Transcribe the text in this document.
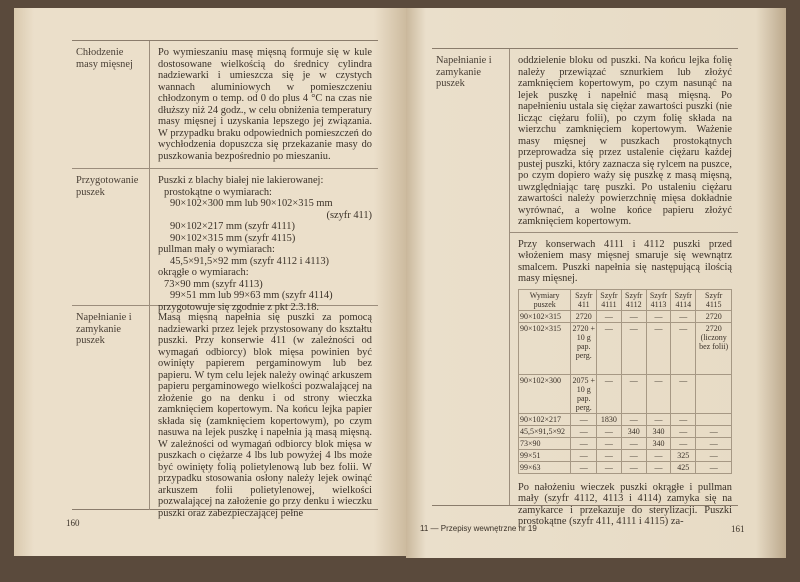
Chłodzenie masy mięsnej
Po wymieszaniu masę mięsną formuje się w kule dostosowane wielkością do średnicy cylindra nadziewarki i umieszcza się je w czystych wannach aluminiowych w pomieszczeniu chłodzonym o temp. od 0 do plus 4 °C na czas nie dłuższy niż 24 godz., w celu obniżenia temperatury masy mięsnej i uzyskania lepszego jej związania. W przypadku braku odpowiednich pomieszczeń do wychłodzenia dopuszcza się przekazanie masy do puszkowania bezpośrednio po mieszaniu.
Przygotowanie puszek
Puszki z blachy białej nie lakierowanej:
prostokątne o wymiarach:
90×102×300 mm lub 90×102×315 mm
(szyfr 411)
90×102×217 mm (szyfr 4111)
90×102×315 mm (szyfr 4115)
pullman mały o wymiarach:
45,5×91,5×92 mm (szyfr 4112 i 4113)
okrągłe o wymiarach:
73×90 mm (szyfr 4113)
99×51 mm lub 99×63 mm (szyfr 4114)
przygotowuje się zgodnie z pkt 2.3.18.
Napełnianie i zamykanie puszek
Masą mięsną napełnia się puszki za pomocą nadziewarki przez lejek przystosowany do kształtu puszki. Przy konserwie 411 (w zależności od wymagań odbiorcy) blok mięsa powinien być owinięty papierem pergaminowym lub bez papieru. W tym celu lejek należy owinąć arkuszem papieru pergaminowego wielkości pozwalającej na złożenie go na denku i od strony wieczka zamknięciem kopertowym. Na końcu lejka papier składa się (zamknięciem kopertowym), po czym nasuwa na lejek puszkę i napełnia ją masą mięsną. W zależności od wymagań odbiorcy blok mięsa w puszkach o ciężarze 4 lbs lub powyżej 4 lbs może być owinięty folią polietylenową lub bez folii. W przypadku stosowania osłony należy lejek owinąć arkuszem folii polietylenowej, wielkości pozwalającej na założenie go przy denku i wieczku puszki oraz zabezpieczającej pełne
160
Napełnianie i zamykanie puszek
oddzielenie bloku od puszki. Na końcu lejka folię należy przewiązać sznurkiem lub złożyć zamknięciem kopertowym, po czym nasunąć na lejek puszkę i napełnić masą mięsną. Po napełnieniu ustala się ciężar zawartości puszki (nie licząc ciężaru folii), po czym folię składa na wierzchu zamknięciem kopertowym. Ważenie masy mięsnej w puszkach prostokątnych przeprowadza się przez ustalenie ciężaru każdej pustej puszki, który zaznacza się rylcem na puszce, po czym dopiero waży się puszkę z masą mięsną, uwzględniając tarę puszki. Po ustaleniu ciężaru zawartości należy powierzchnię mięsa dokładnie wyrównać, a wolne końce papieru złożyć zamknięciem kopertowym.
Przy konserwach 4111 i 4112 puszki przed włożeniem masy mięsnej smaruje się wewnątrz smalcem. Puszki napełnia się następującą ilością masy mięsnej.
Wymiary puszek	Szyfr 411	Szyfr 4111	Szyfr 4112	Szyfr 4113	Szyfr 4114	Szyfr 4115
90×102×315	2720	—	—	—	—	2720
90×102×315	2720 + 10 g pap. perg.	—	—	—	—	2720 (liczony bez folii)
90×102×300	2075 + 10 g pap. perg.	—	—	—	—	
90×102×217	—	1830	—	—	—	
45,5×91,5×92	—	—	340	340	—	—
73×90	—	—	—	340	—	—
99×51	—	—	—	—	325	—
99×63	—	—	—	—	425	—
Po nałożeniu wieczek puszki okrągłe i pullman mały (szyfr 4112, 4113 i 4114) zamyka się na zamykarce i przekazuje do sterylizacji. Puszki prostokątne (szyfr 411, 4111 i 4115) za-
11 — Przepisy wewnętrzne nr 19	161
